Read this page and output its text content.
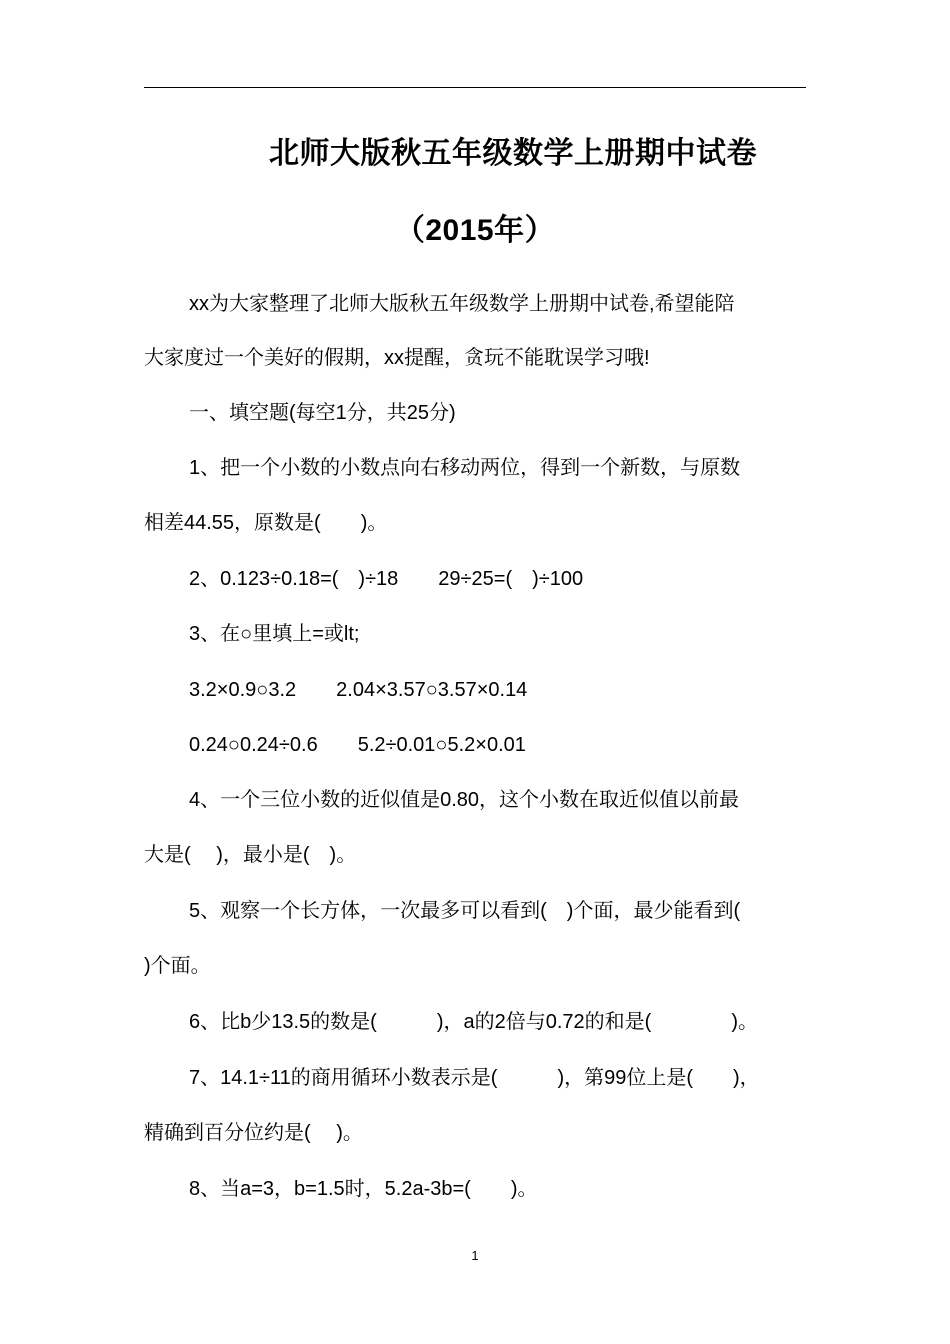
北师大版秋五年级数学上册期中试卷
（2015年）
xx为大家整理了北师大版秋五年级数学上册期中试卷,希望能陪
大家度过一个美好的假期，xx提醒，贪玩不能耽误学习哦!
一、填空题(每空1分，共25分)
1、把一个小数的小数点向右移动两位，得到一个新数，与原数
相差44.55，原数是(　　)。
2、0.123÷0.18=(　)÷18　　29÷25=(　)÷100
3、在○里填上=或lt;
3.2×0.9○3.2　　2.04×3.57○3.57×0.14
0.24○0.24÷0.6　　5.2÷0.01○5.2×0.01
4、一个三位小数的近似值是0.80，这个小数在取近似值以前最
大是(　 )，最小是(　)。
5、观察一个长方体，一次最多可以看到(　)个面，最少能看到(
)个面。
6、比b少13.5的数是(　　　)，a的2倍与0.72的和是(　　　　)。
7、14.1÷11的商用循环小数表示是(　　　)，第99位上是(　　)，
精确到百分位约是(　 )。
8、当a=3，b=1.5时，5.2a-3b=(　　)。
1
